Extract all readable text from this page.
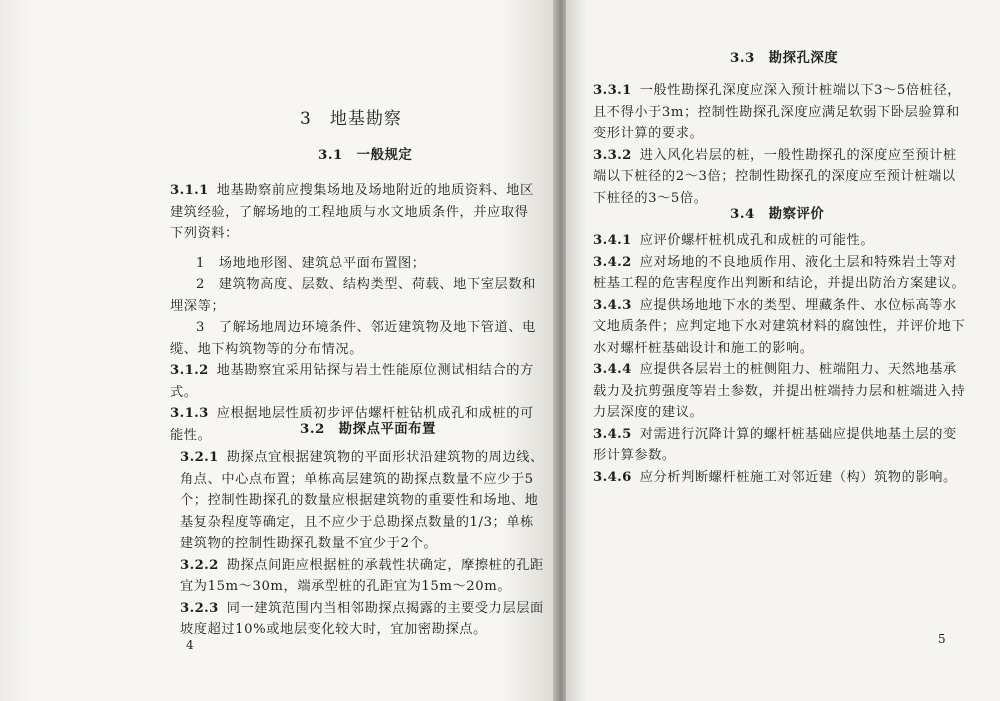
3　地基勘察
3.1　一般规定

3.1.1 地基勘察前应搜集场地及场地附近的地质资料、地区建筑经验，了解场地的工程地质与水文地质条件，并应取得下列资料：

1　场地地形图、建筑总平面布置图；

2　建筑物高度、层数、结构类型、荷载、地下室层数和埋深等；

3　了解场地周边环境条件、邻近建筑物及地下管道、电缆、地下构筑物等的分布情况。

3.1.2 地基勘察宜采用钻探与岩土性能原位测试相结合的方式。

3.1.3 应根据地层性质初步评估螺杆桩钻机成孔和成桩的可能性。	3.2　勘探点平面布置

3.2.1 勘探点宜根据建筑物的平面形状沿建筑物的周边线、角点、中心点布置；单栋高层建筑的勘探点数量不应少于5个；控制性勘探孔的数量应根据建筑物的重要性和场地、地基复杂程度等确定，且不应少于总勘探点数量的1/3；单栋建筑物的控制性勘探孔数量不宜少于2个。

3.2.2 勘探点间距应根据桩的承载性状确定，摩擦桩的孔距宜为15m～30m，端承型桩的孔距宜为15m～20m。

3.2.3 同一建筑范围内当相邻勘探点揭露的主要受力层层面坡度超过10%或地层变化较大时，宜加密勘探点。

4
3.3　勘探孔深度

3.3.1 一般性勘探孔深度应深入预计桩端以下3～5倍桩径，且不得小于3m；控制性勘探孔深度应满足软弱下卧层验算和变形计算的要求。

3.3.2 进入风化岩层的桩，一般性勘探孔的深度应至预计桩端以下桩径的2～3倍；控制性勘探孔的深度应至预计桩端以下桩径的3～5倍。

3.4　勘察评价

3.4.1 应评价螺杆桩机成孔和成桩的可能性。

3.4.2 应对场地的不良地质作用、液化土层和特殊岩土等对桩基工程的危害程度作出判断和结论，并提出防治方案建议。

3.4.3 应提供场地地下水的类型、埋藏条件、水位标高等水文地质条件；应判定地下水对建筑材料的腐蚀性，并评价地下水对螺杆桩基础设计和施工的影响。

3.4.4 应提供各层岩土的桩侧阻力、桩端阻力、天然地基承载力及抗剪强度等岩土参数，并提出桩端持力层和桩端进入持力层深度的建议。

3.4.5 对需进行沉降计算的螺杆桩基础应提供地基土层的变形计算参数。

3.4.6 应分析判断螺杆桩施工对邻近建（构）筑物的影响。

5
